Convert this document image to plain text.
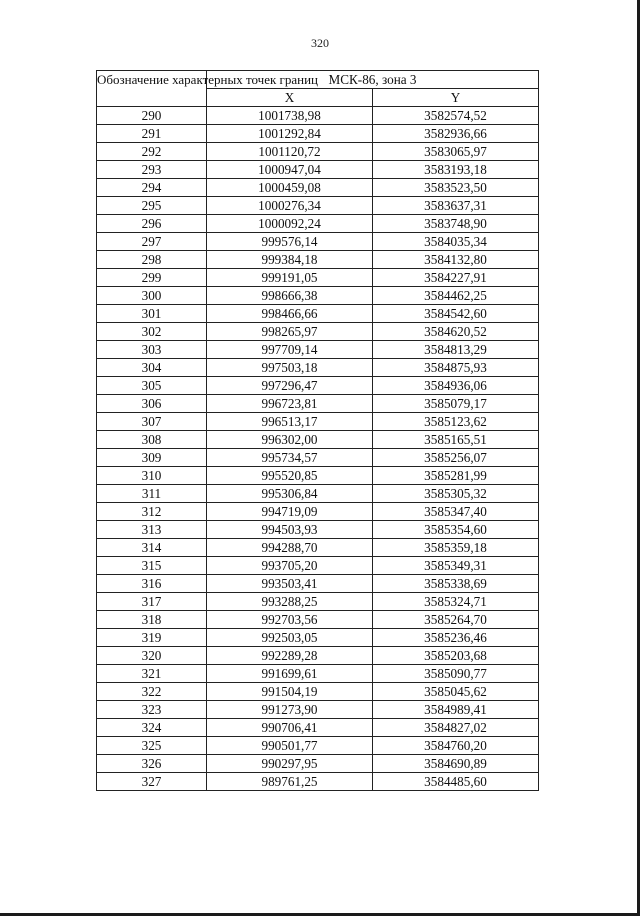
320
Обозначение характерных точек границ	МСК-86, зона 3	
	X	Y
290	1001738,98	3582574,52
291	1001292,84	3582936,66
292	1001120,72	3583065,97
293	1000947,04	3583193,18
294	1000459,08	3583523,50
295	1000276,34	3583637,31
296	1000092,24	3583748,90
297	999576,14	3584035,34
298	999384,18	3584132,80
299	999191,05	3584227,91
300	998666,38	3584462,25
301	998466,66	3584542,60
302	998265,97	3584620,52
303	997709,14	3584813,29
304	997503,18	3584875,93
305	997296,47	3584936,06
306	996723,81	3585079,17
307	996513,17	3585123,62
308	996302,00	3585165,51
309	995734,57	3585256,07
310	995520,85	3585281,99
311	995306,84	3585305,32
312	994719,09	3585347,40
313	994503,93	3585354,60
314	994288,70	3585359,18
315	993705,20	3585349,31
316	993503,41	3585338,69
317	993288,25	3585324,71
318	992703,56	3585264,70
319	992503,05	3585236,46
320	992289,28	3585203,68
321	991699,61	3585090,77
322	991504,19	3585045,62
323	991273,90	3584989,41
324	990706,41	3584827,02
325	990501,77	3584760,20
326	990297,95	3584690,89
327	989761,25	3584485,60
